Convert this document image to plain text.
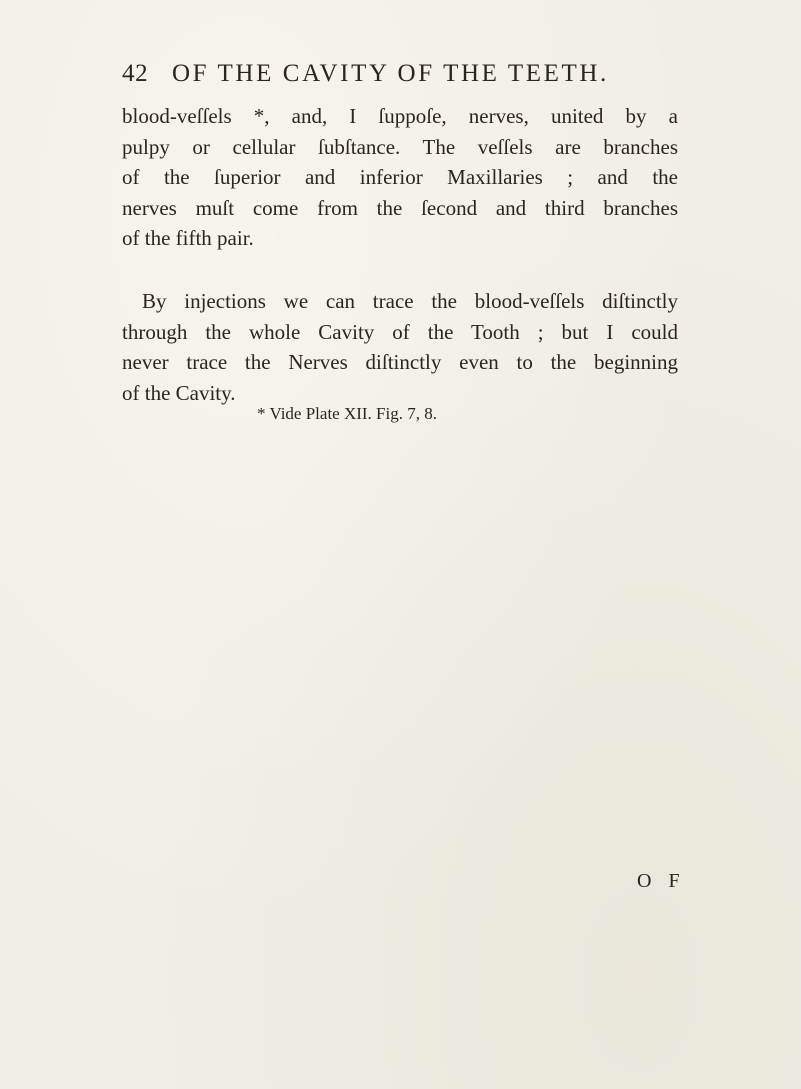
42 OF THE CAVITY OF THE TEETH.

blood-veſſels *, and, I ſuppoſe, nerves, united by a
pulpy or cellular ſubſtance. The veſſels are branches
of the ſuperior and inferior Maxillaries ; and the
nerves muſt come from the ſecond and third branches
of the fifth pair.

By injections we can trace the blood-veſſels diſtinctly
through the whole Cavity of the Tooth ; but I could
never trace the Nerves diſtinctly even to the beginning
of the Cavity.

* Vide Plate XII. Fig. 7, 8.
O F
